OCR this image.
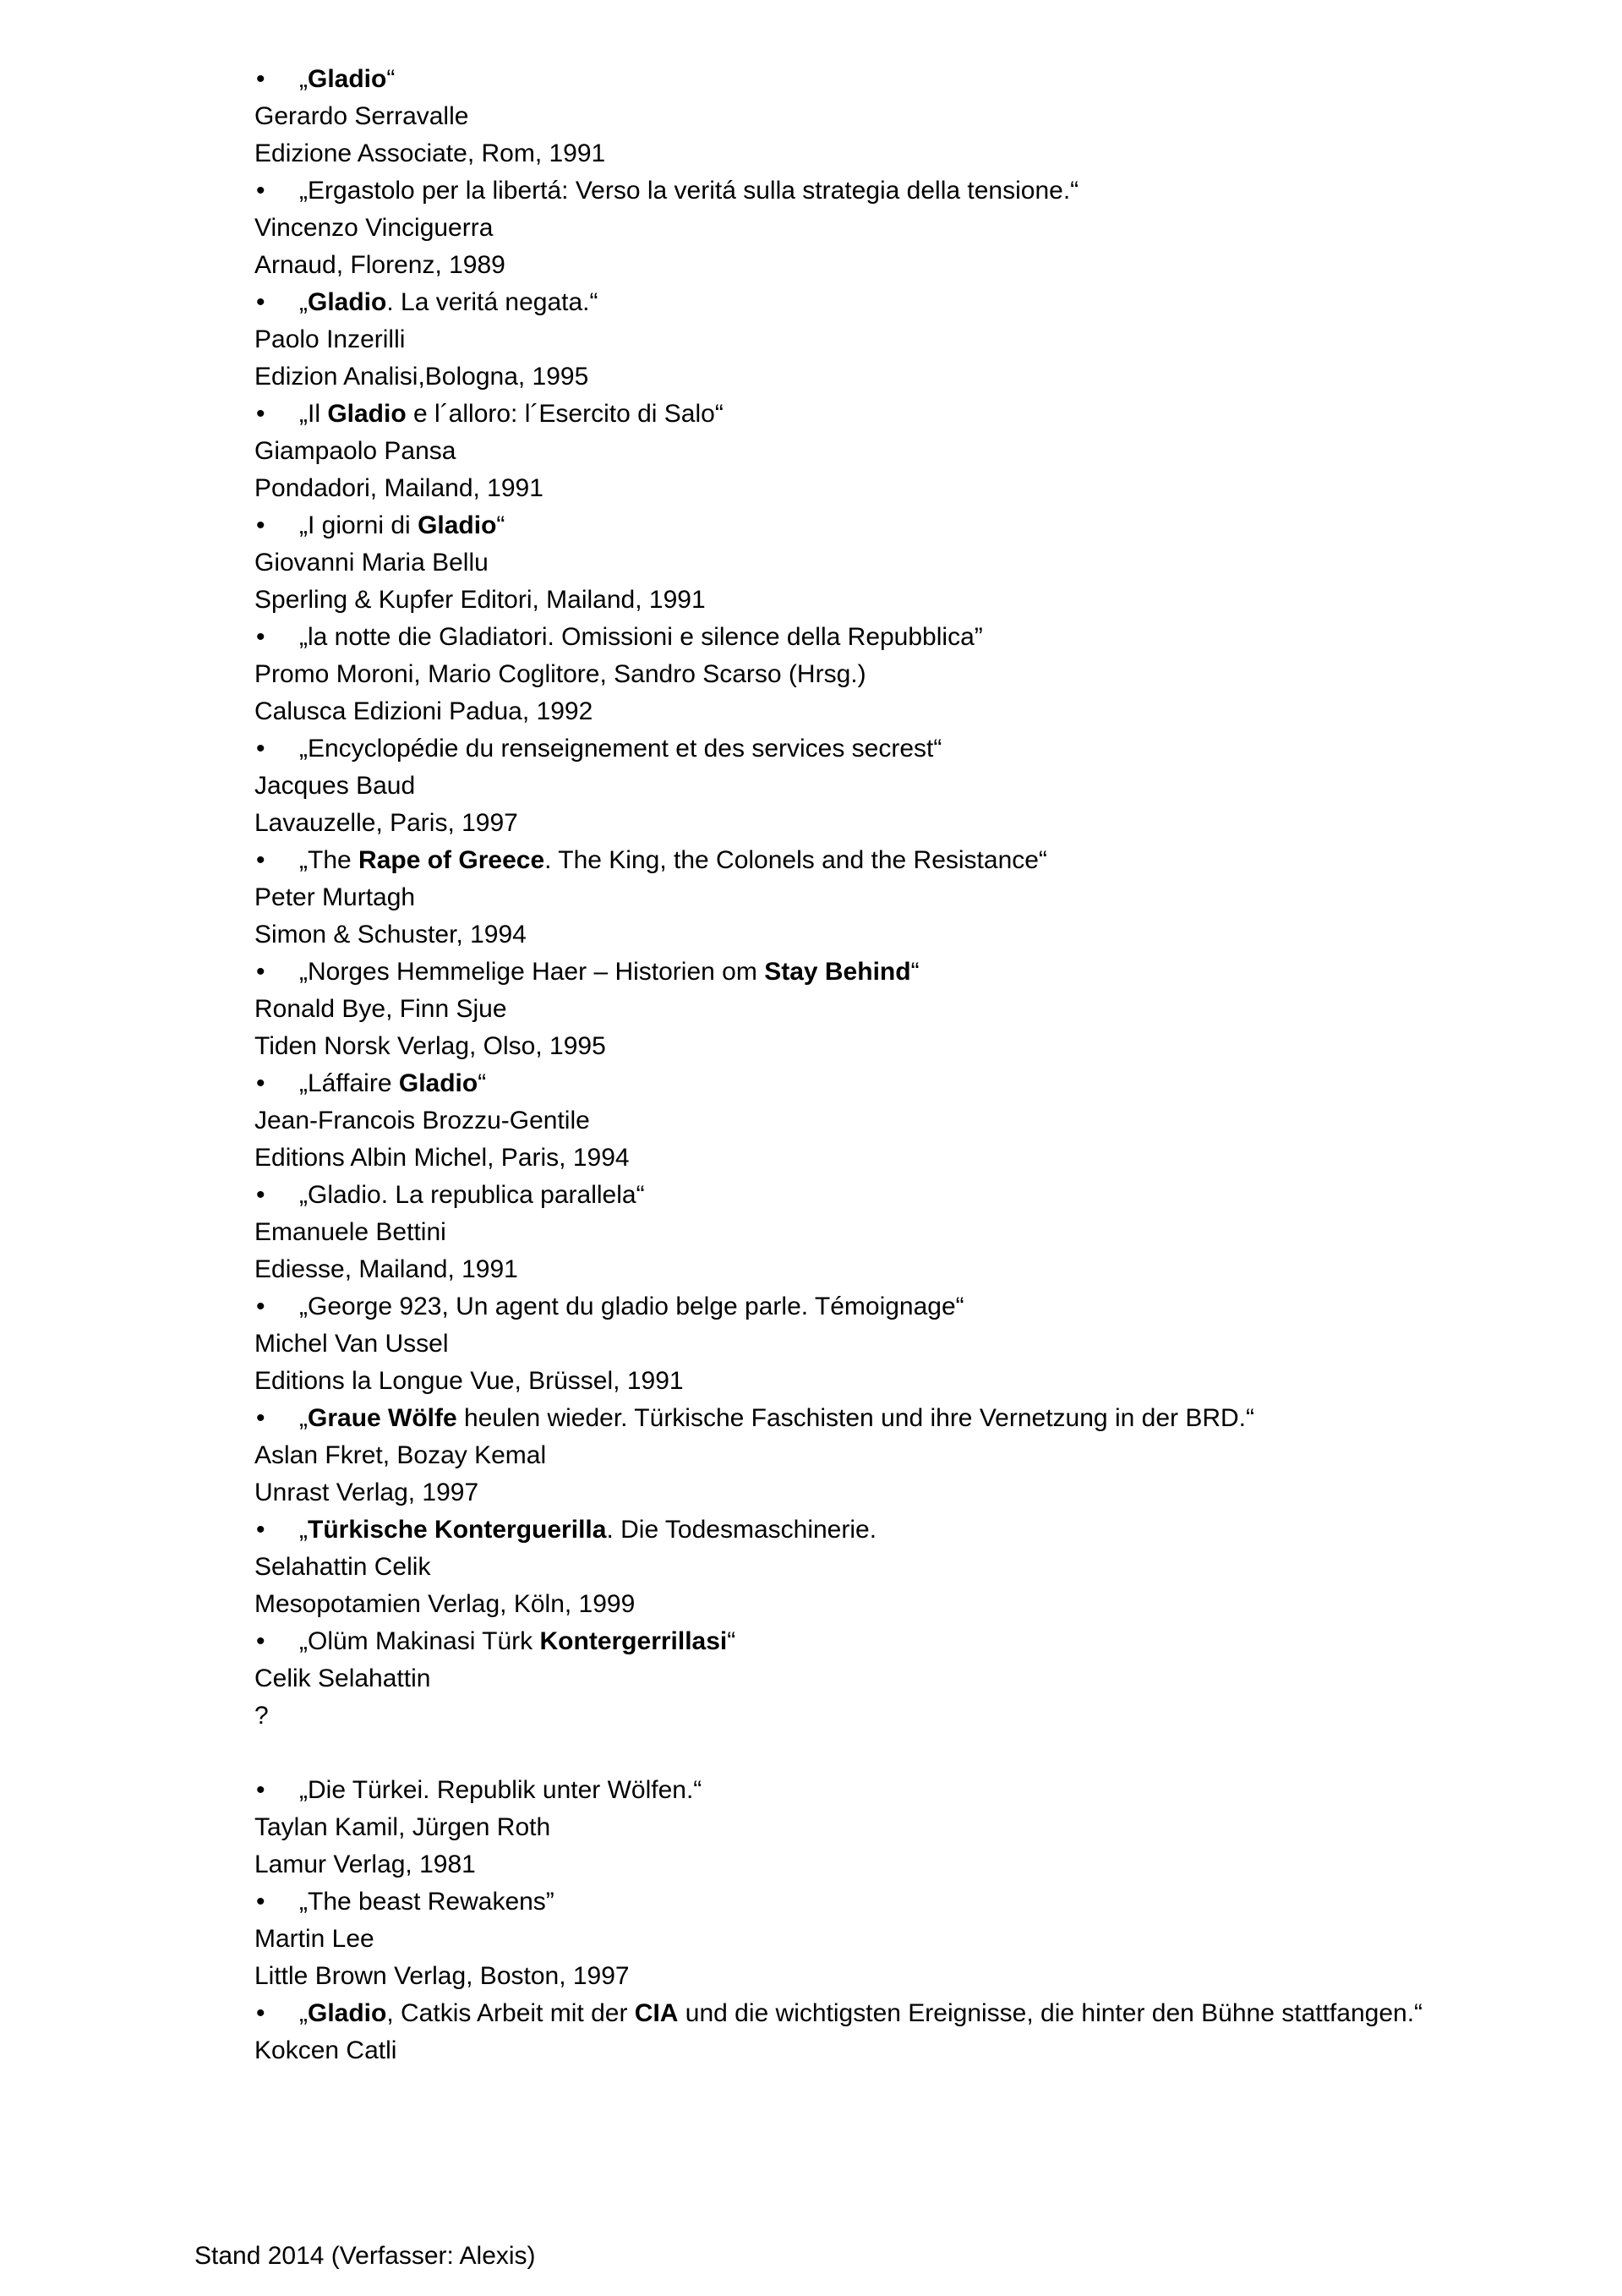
• „Gladio“
Gerardo Serravalle
Edizione Associate, Rom, 1991
• „Ergastolo per la libertá: Verso la veritá sulla strategia della tensione.“
Vincenzo Vinciguerra
Arnaud, Florenz, 1989
• „Gladio. La veritá negata.“
Paolo Inzerilli
Edizion Analisi,Bologna, 1995
• „Il Gladio e l´alloro: l´Esercito di Salo“
Giampaolo Pansa
Pondadori, Mailand, 1991
• „I giorni di Gladio“
Giovanni Maria Bellu
Sperling & Kupfer Editori, Mailand, 1991
• „la notte die Gladiatori. Omissioni e silence della Repubblica”
Promo Moroni, Mario Coglitore, Sandro Scarso (Hrsg.)
Calusca Edizioni Padua, 1992
• „Encyclopédie du renseignement et des services secrest“
Jacques Baud
Lavauzelle, Paris, 1997
• „The Rape of Greece. The King, the Colonels and the Resistance“
Peter Murtagh
Simon & Schuster, 1994
• „Norges Hemmelige Haer – Historien om Stay Behind“
Ronald Bye, Finn Sjue
Tiden Norsk Verlag, Olso, 1995
• „Láffaire Gladio“
Jean-Francois Brozzu-Gentile
Editions Albin Michel, Paris, 1994
• „Gladio. La republica parallela“
Emanuele Bettini
Ediesse, Mailand, 1991
• „George 923, Un agent du gladio belge parle. Témoignage“
Michel Van Ussel
Editions la Longue Vue, Brüssel, 1991
• „Graue Wölfe heulen wieder. Türkische Faschisten und ihre Vernetzung in der BRD.“
Aslan Fkret, Bozay Kemal
Unrast Verlag, 1997
• „Türkische Konterguerilla. Die Todesmaschinerie.
Selahattin Celik
Mesopotamien Verlag, Köln, 1999
• „Olüm Makinasi Türk Kontergerrillasi“
Celik Selahattin
?
• „Die Türkei. Republik unter Wölfen.“
Taylan Kamil, Jürgen Roth
Lamur Verlag, 1981
• „The beast Rewakens”
Martin Lee
Little Brown Verlag, Boston, 1997
• „Gladio, Catkis Arbeit mit der CIA und die wichtigsten Ereignisse, die hinter den Bühne stattfangen.“
Kokcen Catli
Stand 2014 (Verfasser: Alexis)
